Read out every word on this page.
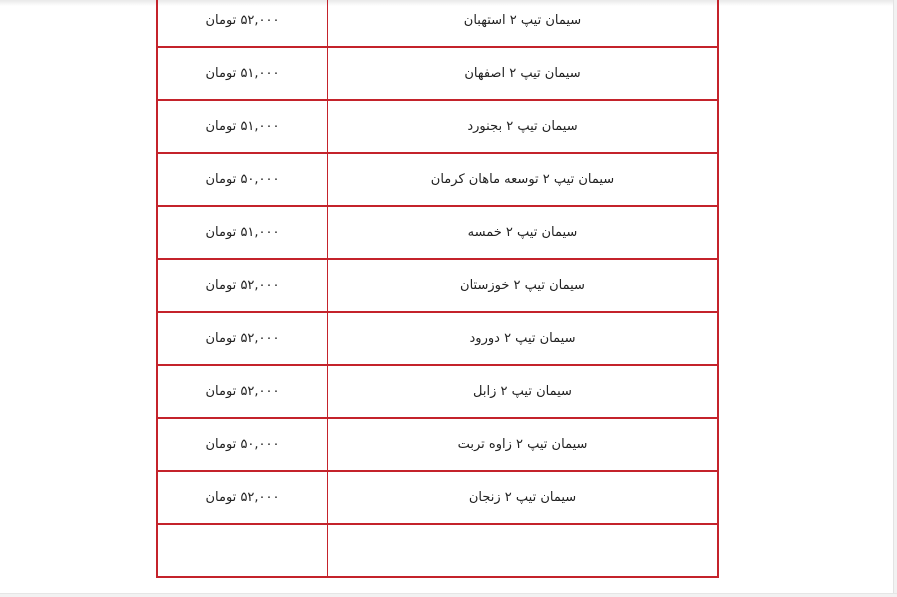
۵۲,۰۰۰ تومان	سیمان تیپ ۲ استهبان
۵۱,۰۰۰ تومان	سیمان تیپ ۲ اصفهان
۵۱,۰۰۰ تومان	سیمان تیپ ۲ بجنورد
۵۰,۰۰۰ تومان	سیمان تیپ ۲ توسعه ماهان کرمان
۵۱,۰۰۰ تومان	سیمان تیپ ۲ خمسه
۵۲,۰۰۰ تومان	سیمان تیپ ۲ خوزستان
۵۲,۰۰۰ تومان	سیمان تیپ ۲ دورود
۵۲,۰۰۰ تومان	سیمان تیپ ۲ زابل
۵۰,۰۰۰ تومان	سیمان تیپ ۲ زاوه تربت
۵۲,۰۰۰ تومان	سیمان تیپ ۲ زنجان
